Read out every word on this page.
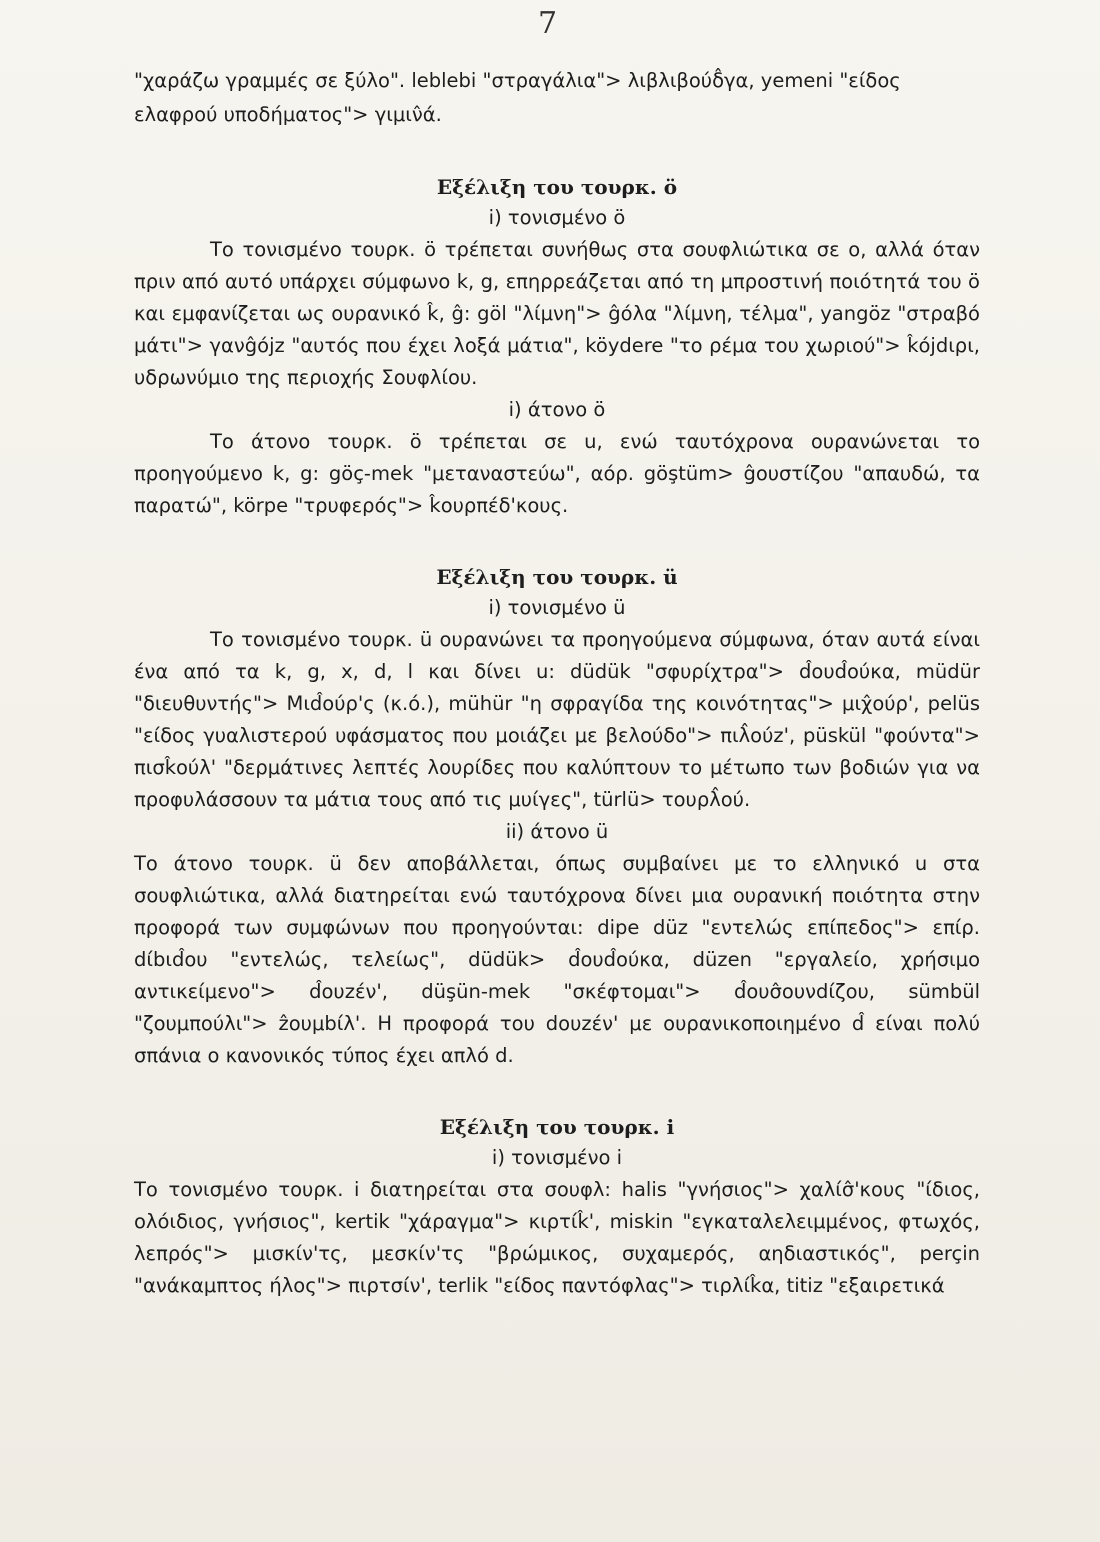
7

"χαράζω γραμμές σε ξύλο". leblebi "στραγάλια"> λιβλιβούδ̂γα, yemeni "είδος

ελαφρού υποδήματος"> γιμιν̂ά.

Εξέλιξη του τουρκ. ö

i) τονισμένο ö

Το τονισμένο τουρκ. ö τρέπεται συνήθως στα σουφλιώτικα σε ο, αλλά όταν πριν από αυτό υπάρχει σύμφωνο k, g, επηρρεάζεται από τη μπροστινή ποιότητά του ö και εμφανίζεται ως ουρανικό k̂, ĝ: göl "λίμνη"> ĝόλα "λίμνη, τέλμα", yangöz "στραβό μάτι"> γανĝόjz "αυτός που έχει λοξά μάτια", köydere "το ρέμα του χωριού"> k̂όjdιρι, υδρωνύμιο της περιοχής Σουφλίου.

i) άτονο ö

Το άτονο τουρκ. ö τρέπεται σε u, ενώ ταυτόχρονα ουρανώνεται το προηγούμενο k, g: göç-mek "μεταναστεύω", αόρ. göştüm> ĝουστίζου "απαυδώ, τα παρατώ", körpe "τρυφερός"> k̂ουρπέδ'κους.

Εξέλιξη του τουρκ. ü

i) τονισμένο ü

Το τονισμένο τουρκ. ü ουρανώνει τα προηγούμενα σύμφωνα, όταν αυτά είναι ένα από τα k, g, x, d, l και δίνει u: düdük "σφυρίχτρα"> d̂ουd̂ούκα, müdür "διευθυντής"> Μιd̂ούρ'ς (κ.ό.), mühür "η σφραγίδα της κοινότητας"> μιχ̂ούρ', pelüs "είδος γυαλιστερού υφάσματος που μοιάζει με βελούδο"> πιλ̂ούz', püskül "φούντα"> πισk̂ούλ' "δερμάτινες λεπτές λουρίδες που καλύπτουν το μέτωπο των βοδιών για να προφυλάσσουν τα μάτια τους από τις μυίγες", türlü> τουρλ̂ού.

ii) άτονο ü

Το άτονο τουρκ. ü δεν αποβάλλεται, όπως συμβαίνει με το ελληνικό u στα σουφλιώτικα, αλλά διατηρείται ενώ ταυτόχρονα δίνει μια ουρανική ποιότητα στην προφορά των συμφώνων που προηγούνται: dipe düz "εντελώς επίπεδος"> επίρ. dίbιd̂ου "εντελώς, τελείως", düdük> d̂ουd̂ούκα, düzen "εργαλείο, χρήσιμο αντικείμενο"> d̂ουzέν', düşün-mek "σκέφτομαι"> d̂ουσ̂ουνdίζου, sümbül "ζουμπούλι"> ẑουμbίλ'. Η προφορά του dουzέν' με ουρανικοποιημένο d̂ είναι πολύ σπάνια ο κανονικός τύπος έχει απλό d.

Εξέλιξη του τουρκ. i

i) τονισμένο i

Το τονισμένο τουρκ. i διατηρείται στα σουφλ: halis "γνήσιος"> χαλίσ̂'κους "ίδιος, ολόιδιος, γνήσιος", kertik "χάραγμα"> κιρτίk̂', miskin "εγκαταλελειμμένος, φτωχός, λεπρός"> μισκίν'τς, μεσκίν'τς "βρώμικος, συχαμερός, αηδιαστικός", perçin "ανάκαμπτος ήλος"> πιρτσίν', terlik "είδος παντόφλας"> τιρλίk̂α, titiz "εξαιρετικά
